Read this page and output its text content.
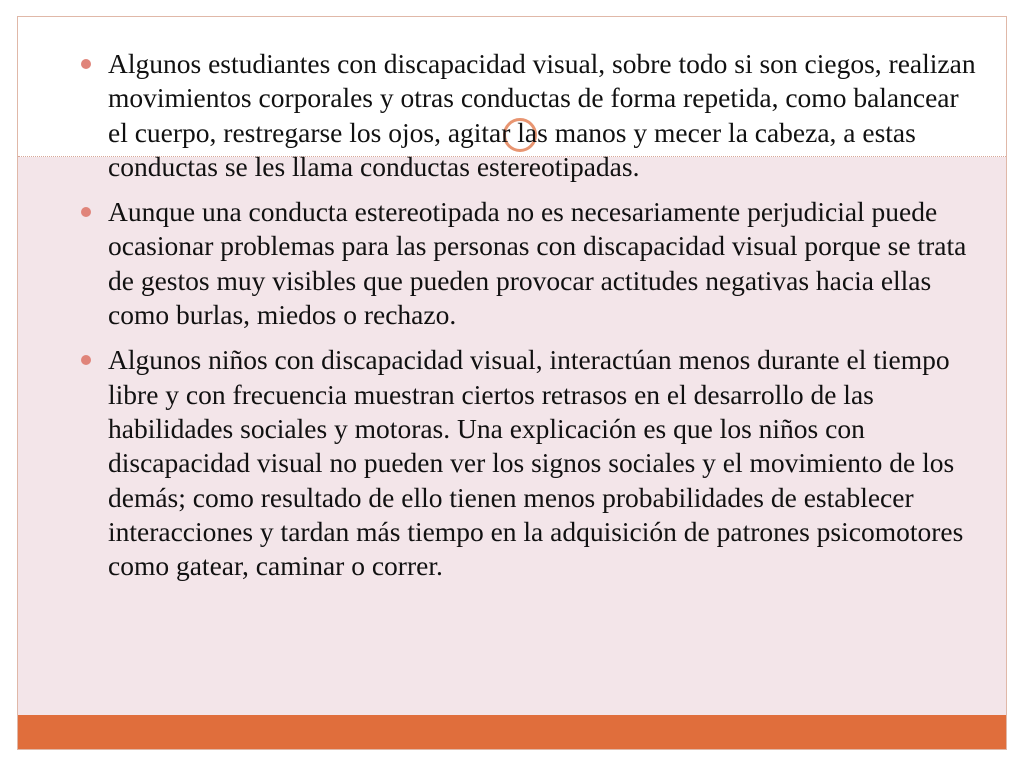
Algunos estudiantes con discapacidad visual, sobre todo si son ciegos, realizan movimientos corporales y otras conductas de forma repetida, como balancear el cuerpo, restregarse los ojos, agitar las manos y mecer la cabeza, a estas conductas se les llama conductas estereotipadas.
Aunque una conducta estereotipada no es necesariamente perjudicial puede ocasionar problemas para las personas con discapacidad visual porque se trata de gestos muy visibles que pueden provocar actitudes negativas hacia ellas como burlas, miedos o rechazo.
Algunos niños con discapacidad visual, interactúan menos durante el tiempo libre y con frecuencia muestran ciertos retrasos en el desarrollo de las habilidades sociales y motoras. Una explicación es que los niños con discapacidad visual no pueden ver los signos sociales y el movimiento de los demás; como resultado de ello tienen menos probabilidades de establecer interacciones y tardan más tiempo en la adquisición de patrones psicomotores como gatear, caminar o correr.
